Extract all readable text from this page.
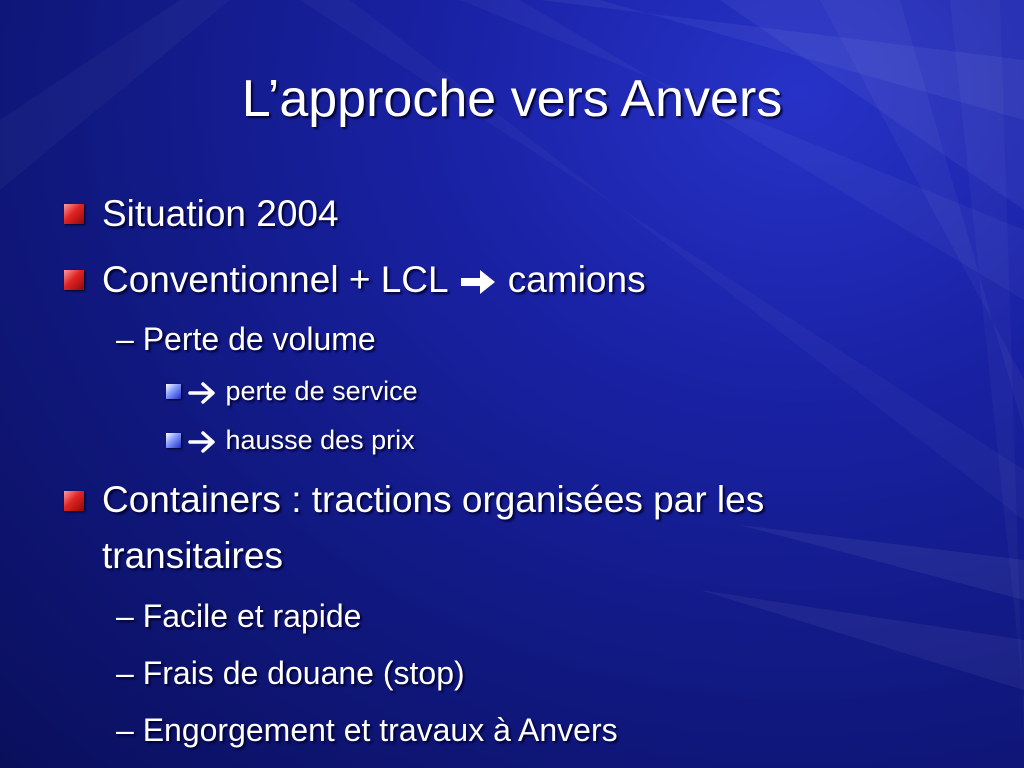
L’approche vers Anvers
Situation 2004
Conventionnel + LCL camions
– Perte de volume
perte de service
hausse des prix
Containers : tractions organisées par les
transitaires
– Facile et rapide
– Frais de douane (stop)
– Engorgement et travaux à Anvers
